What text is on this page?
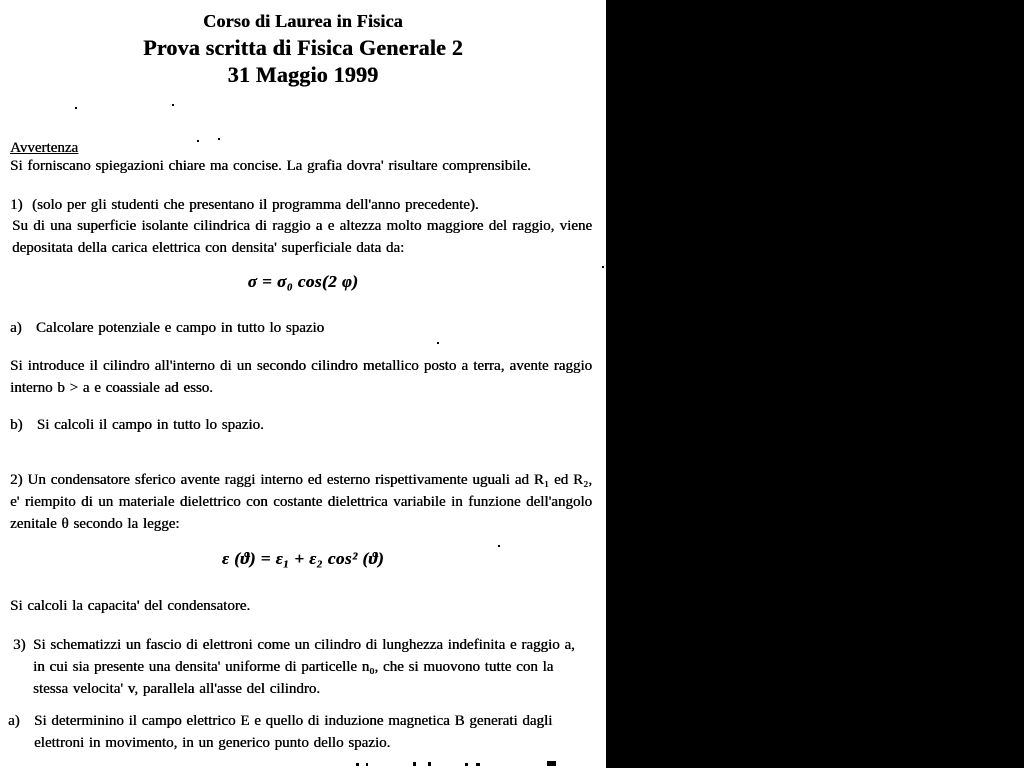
Corso di Laurea in Fisica
Prova scritta di Fisica Generale 2
31 Maggio 1999
Avvertenza
Si forniscano spiegazioni chiare ma concise. La grafia dovra' risultare comprensibile.
1)  (solo per gli studenti che presentano il programma dell'anno precedente).
Su di una superficie isolante cilindrica di raggio a e altezza molto maggiore del raggio, viene depositata della carica elettrica con densita' superficiale data da:
σ = σ₀ cos(2 φ)
a)   Calcolare potenziale e campo in tutto lo spazio
Si introduce il cilindro all'interno di un secondo cilindro metallico posto a terra, avente raggio interno b > a e coassiale ad esso.
b)   Si calcoli il campo in tutto lo spazio.
2) Un condensatore sferico avente raggi interno ed esterno rispettivamente uguali ad R₁ ed R₂, e' riempito di un materiale dielettrico con costante dielettrica variabile in funzione dell'angolo zenitale θ secondo la legge:
ε (ϑ) = ε₁ + ε₂ cos² (ϑ)
Si calcoli la capacita' del condensatore.
3) Si schematizzi un fascio di elettroni come un cilindro di lunghezza indefinita e raggio a, in cui sia presente una densita' uniforme di particelle n₀, che si muovono tutte con la stessa velocita' v, parallela all'asse del cilindro.
a) Si determinino il campo elettrico E e quello di induzione magnetica B generati dagli elettroni in movimento, in un generico punto dello spazio.
